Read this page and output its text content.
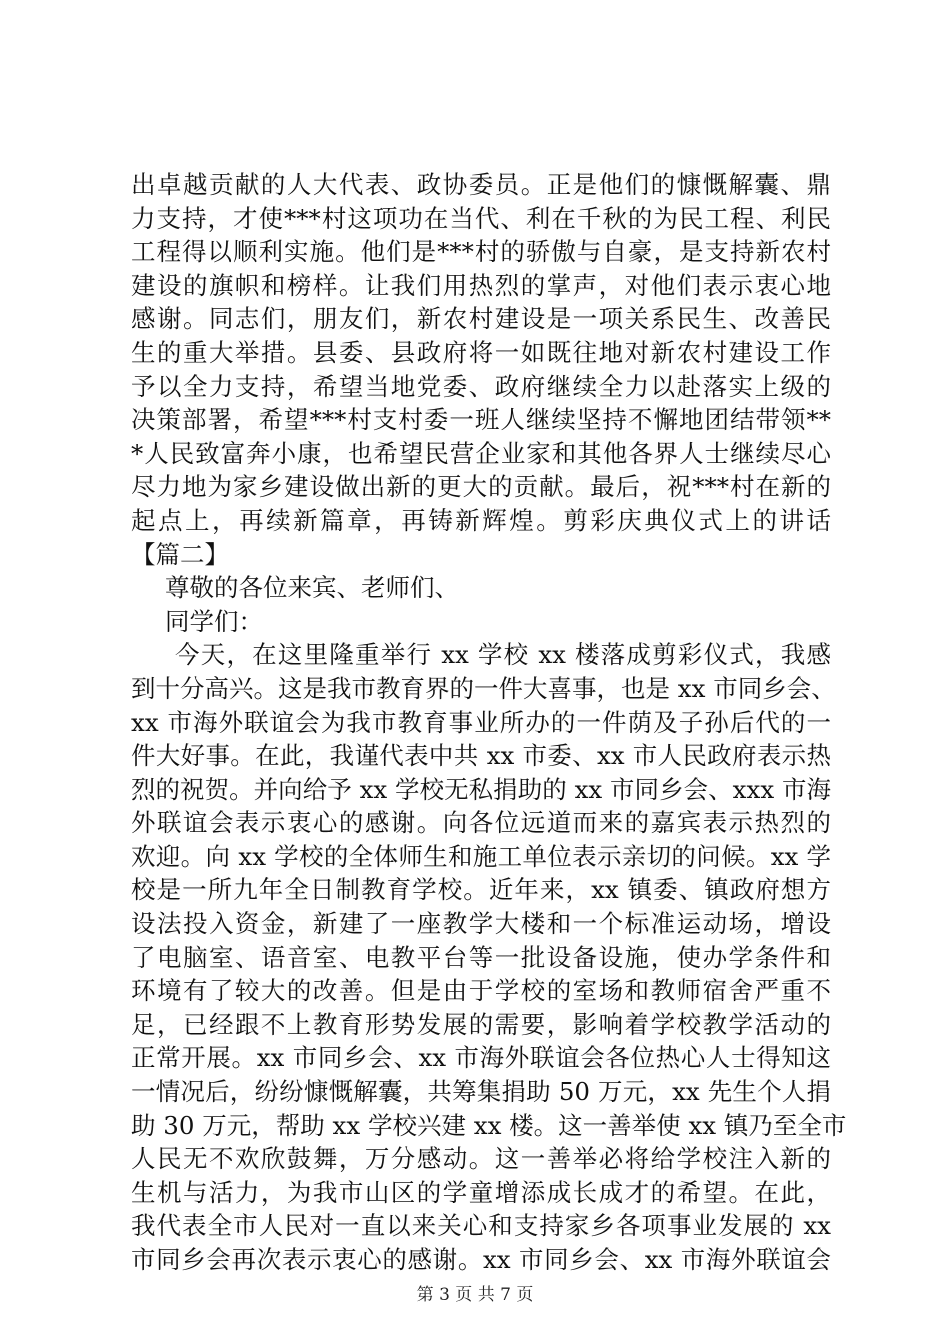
出卓越贡献的人大代表、政协委员。正是他们的慷慨解囊、鼎
力支持，才使***村这项功在当代、利在千秋的为民工程、利民
工程得以顺利实施。他们是***村的骄傲与自豪，是支持新农村
建设的旗帜和榜样。让我们用热烈的掌声，对他们表示衷心地
感谢。同志们，朋友们，新农村建设是一项关系民生、改善民
生的重大举措。县委、县政府将一如既往地对新农村建设工作
予以全力支持，希望当地党委、政府继续全力以赴落实上级的
决策部署，希望***村支村委一班人继续坚持不懈地团结带领**
*人民致富奔小康，也希望民营企业家和其他各界人士继续尽心
尽力地为家乡建设做出新的更大的贡献。最后，祝***村在新的
起点上，再续新篇章，再铸新辉煌。剪彩庆典仪式上的讲话
【篇二】
尊敬的各位来宾、老师们、
同学们：
今天，在这里隆重举行 xx 学校 xx 楼落成剪彩仪式，我感
到十分高兴。这是我市教育界的一件大喜事，也是 xx 市同乡会、
xx 市海外联谊会为我市教育事业所办的一件荫及子孙后代的一
件大好事。在此，我谨代表中共 xx 市委、xx 市人民政府表示热
烈的祝贺。并向给予 xx 学校无私捐助的 xx 市同乡会、xxx 市海
外联谊会表示衷心的感谢。向各位远道而来的嘉宾表示热烈的
欢迎。向 xx 学校的全体师生和施工单位表示亲切的问候。xx 学
校是一所九年全日制教育学校。近年来，xx 镇委、镇政府想方
设法投入资金，新建了一座教学大楼和一个标准运动场，增设
了电脑室、语音室、电教平台等一批设备设施，使办学条件和
环境有了较大的改善。但是由于学校的室场和教师宿舍严重不
足，已经跟不上教育形势发展的需要，影响着学校教学活动的
正常开展。xx 市同乡会、xx 市海外联谊会各位热心人士得知这
一情况后，纷纷慷慨解囊，共筹集捐助 50 万元，xx 先生个人捐
助 30 万元，帮助 xx 学校兴建 xx 楼。这一善举使 xx 镇乃至全市
人民无不欢欣鼓舞，万分感动。这一善举必将给学校注入新的
生机与活力，为我市山区的学童增添成长成才的希望。在此，
我代表全市人民对一直以来关心和支持家乡各项事业发展的 xx
市同乡会再次表示衷心的感谢。xx 市同乡会、xx 市海外联谊会
第 3 页 共 7 页
